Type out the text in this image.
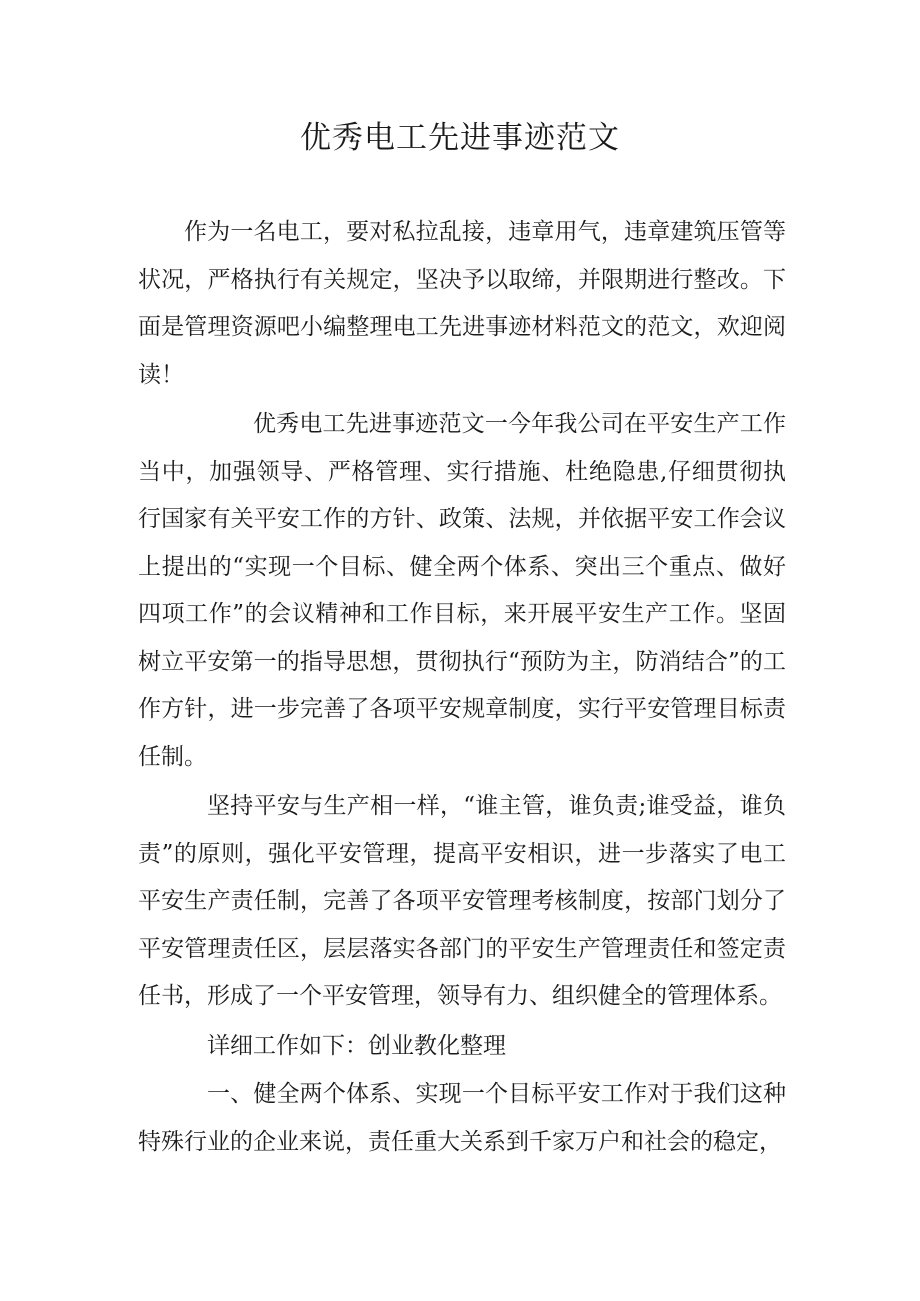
优秀电工先进事迹范文

作为一名电工，要对私拉乱接，违章用气，违章建筑压管等状况，严格执行有关规定，坚决予以取缔，并限期进行整改。下面是管理资源吧小编整理电工先进事迹材料范文的范文，欢迎阅读！

优秀电工先进事迹范文一今年我公司在平安生产工作当中，加强领导、严格管理、实行措施、杜绝隐患,仔细贯彻执行国家有关平安工作的方针、政策、法规，并依据平安工作会议上提出的“实现一个目标、健全两个体系、突出三个重点、做好四项工作”的会议精神和工作目标，来开展平安生产工作。坚固树立平安第一的指导思想，贯彻执行“预防为主，防消结合”的工作方针，进一步完善了各项平安规章制度，实行平安管理目标责任制。

坚持平安与生产相一样，“谁主管，谁负责;谁受益，谁负责”的原则，强化平安管理，提高平安相识，进一步落实了电工平安生产责任制，完善了各项平安管理考核制度，按部门划分了平安管理责任区，层层落实各部门的平安生产管理责任和签定责任书，形成了一个平安管理，领导有力、组织健全的管理体系。

详细工作如下：创业教化整理

一、健全两个体系、实现一个目标平安工作对于我们这种特殊行业的企业来说，责任重大关系到千家万户和社会的稳定，
